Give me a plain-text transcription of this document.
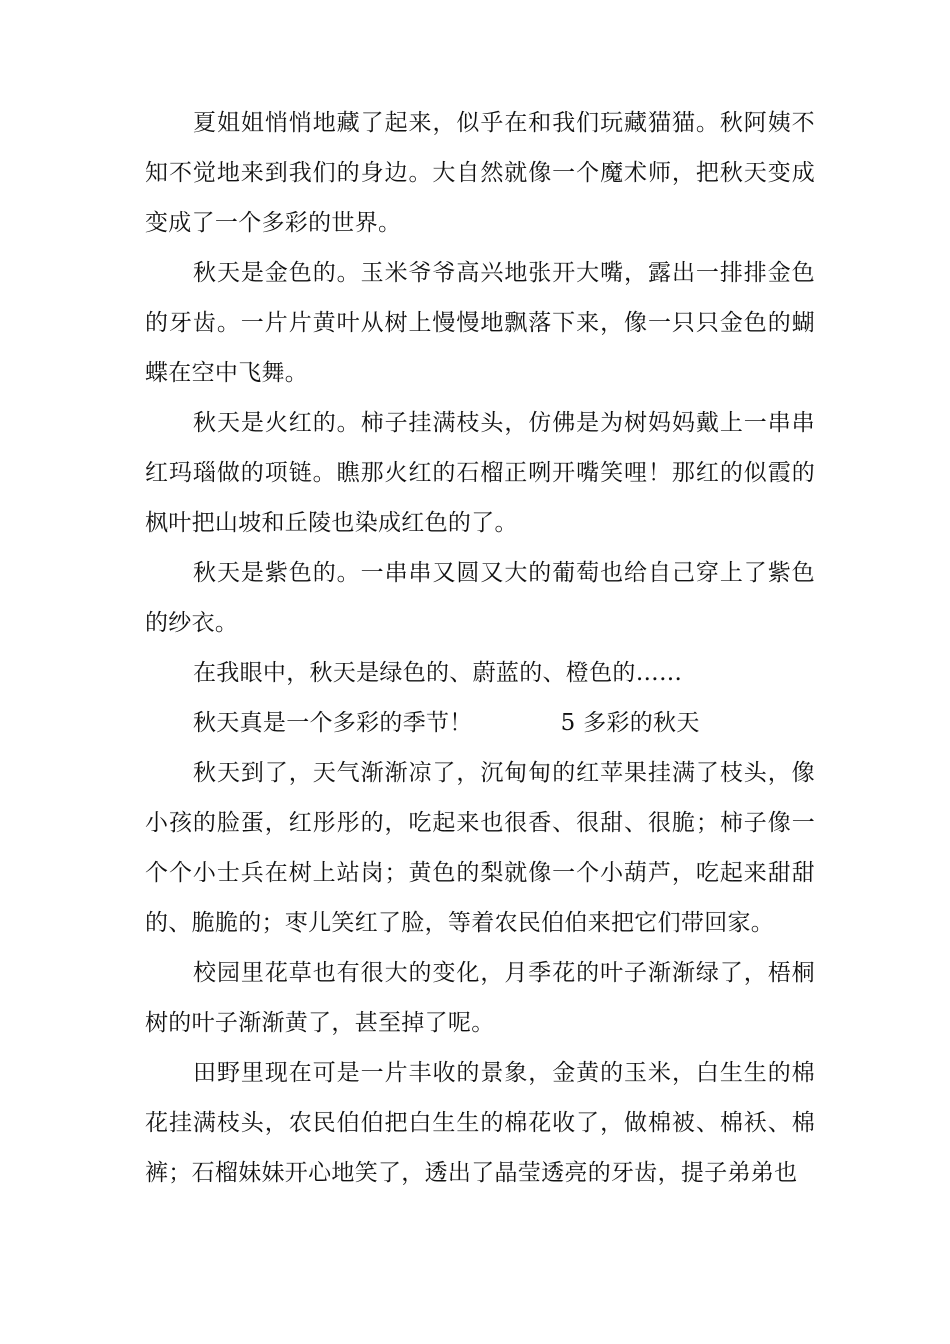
夏姐姐悄悄地藏了起来，似乎在和我们玩藏猫猫。秋阿姨不知不觉地来到我们的身边。大自然就像一个魔术师，把秋天变成变成了一个多彩的世界。

秋天是金色的。玉米爷爷高兴地张开大嘴，露出一排排金色的牙齿。一片片黄叶从树上慢慢地飘落下来，像一只只金色的蝴蝶在空中飞舞。

秋天是火红的。柿子挂满枝头，仿佛是为树妈妈戴上一串串红玛瑙做的项链。瞧那火红的石榴正咧开嘴笑哩！那红的似霞的枫叶把山坡和丘陵也染成红色的了。

秋天是紫色的。一串串又圆又大的葡萄也给自己穿上了紫色的纱衣。

在我眼中，秋天是绿色的、蔚蓝的、橙色的……

秋天真是一个多彩的季节！	5 多彩的秋天

秋天到了，天气渐渐凉了，沉甸甸的红苹果挂满了枝头，像小孩的脸蛋，红彤彤的，吃起来也很香、很甜、很脆；柿子像一个个小士兵在树上站岗；黄色的梨就像一个小葫芦，吃起来甜甜的、脆脆的；枣儿笑红了脸，等着农民伯伯来把它们带回家。

校园里花草也有很大的变化，月季花的叶子渐渐绿了，梧桐树的叶子渐渐黄了，甚至掉了呢。

田野里现在可是一片丰收的景象，金黄的玉米，白生生的棉花挂满枝头，农民伯伯把白生生的棉花收了，做棉被、棉袄、棉裤；石榴妹妹开心地笑了，透出了晶莹透亮的牙齿，提子弟弟也
